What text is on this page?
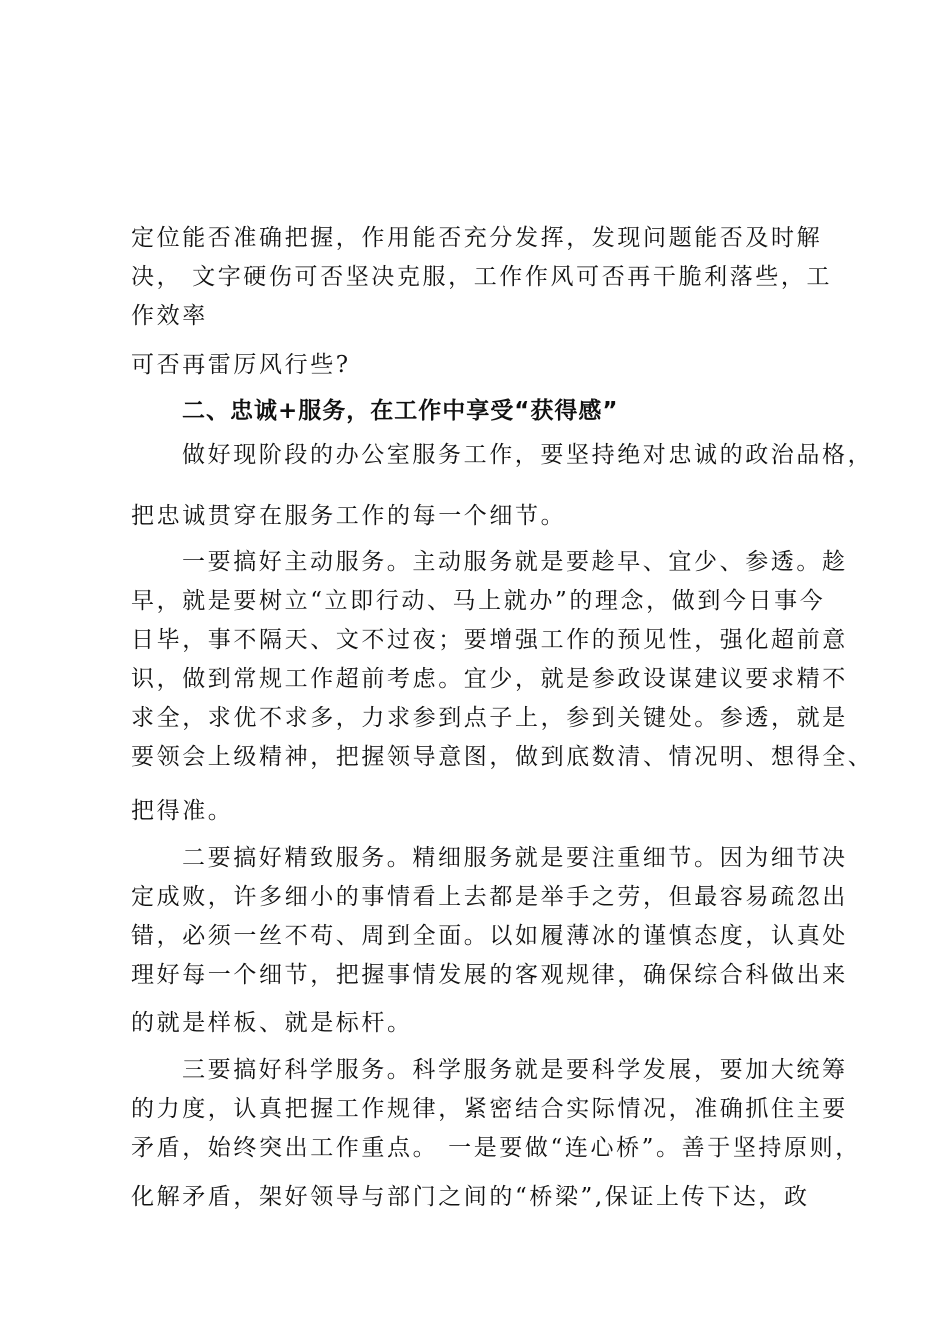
定位能否准确把握，作用能否充分发挥，发现问题能否及时解
决， 文字硬伤可否坚决克服，工作作风可否再干脆利落些，工
作效率
可否再雷厉风行些?
二、忠诚+服务，在工作中享受“获得感”
做好现阶段的办公室服务工作，要坚持绝对忠诚的政治品格，
把忠诚贯穿在服务工作的每一个细节。
一要搞好主动服务。主动服务就是要趁早、宜少、参透。趁
早，就是要树立“立即行动、马上就办”的理念，做到今日事今
日毕，事不隔天、文不过夜；要增强工作的预见性，强化超前意
识，做到常规工作超前考虑。宜少，就是参政设谋建议要求精不
求全，求优不求多，力求参到点子上，参到关键处。参透，就是
要领会上级精神，把握领导意图，做到底数清、情况明、想得全、
把得准。
二要搞好精致服务。精细服务就是要注重细节。因为细节决
定成败，许多细小的事情看上去都是举手之劳，但最容易疏忽出
错，必须一丝不苟、周到全面。以如履薄冰的谨慎态度，认真处
理好每一个细节，把握事情发展的客观规律，确保综合科做出来
的就是样板、就是标杆。
三要搞好科学服务。科学服务就是要科学发展，要加大统筹
的力度，认真把握工作规律，紧密结合实际情况，准确抓住主要
矛盾，始终突出工作重点。 一是要做“连心桥”。善于坚持原则，
化解矛盾，架好领导与部门之间的“桥梁”,保证上传下达，政
